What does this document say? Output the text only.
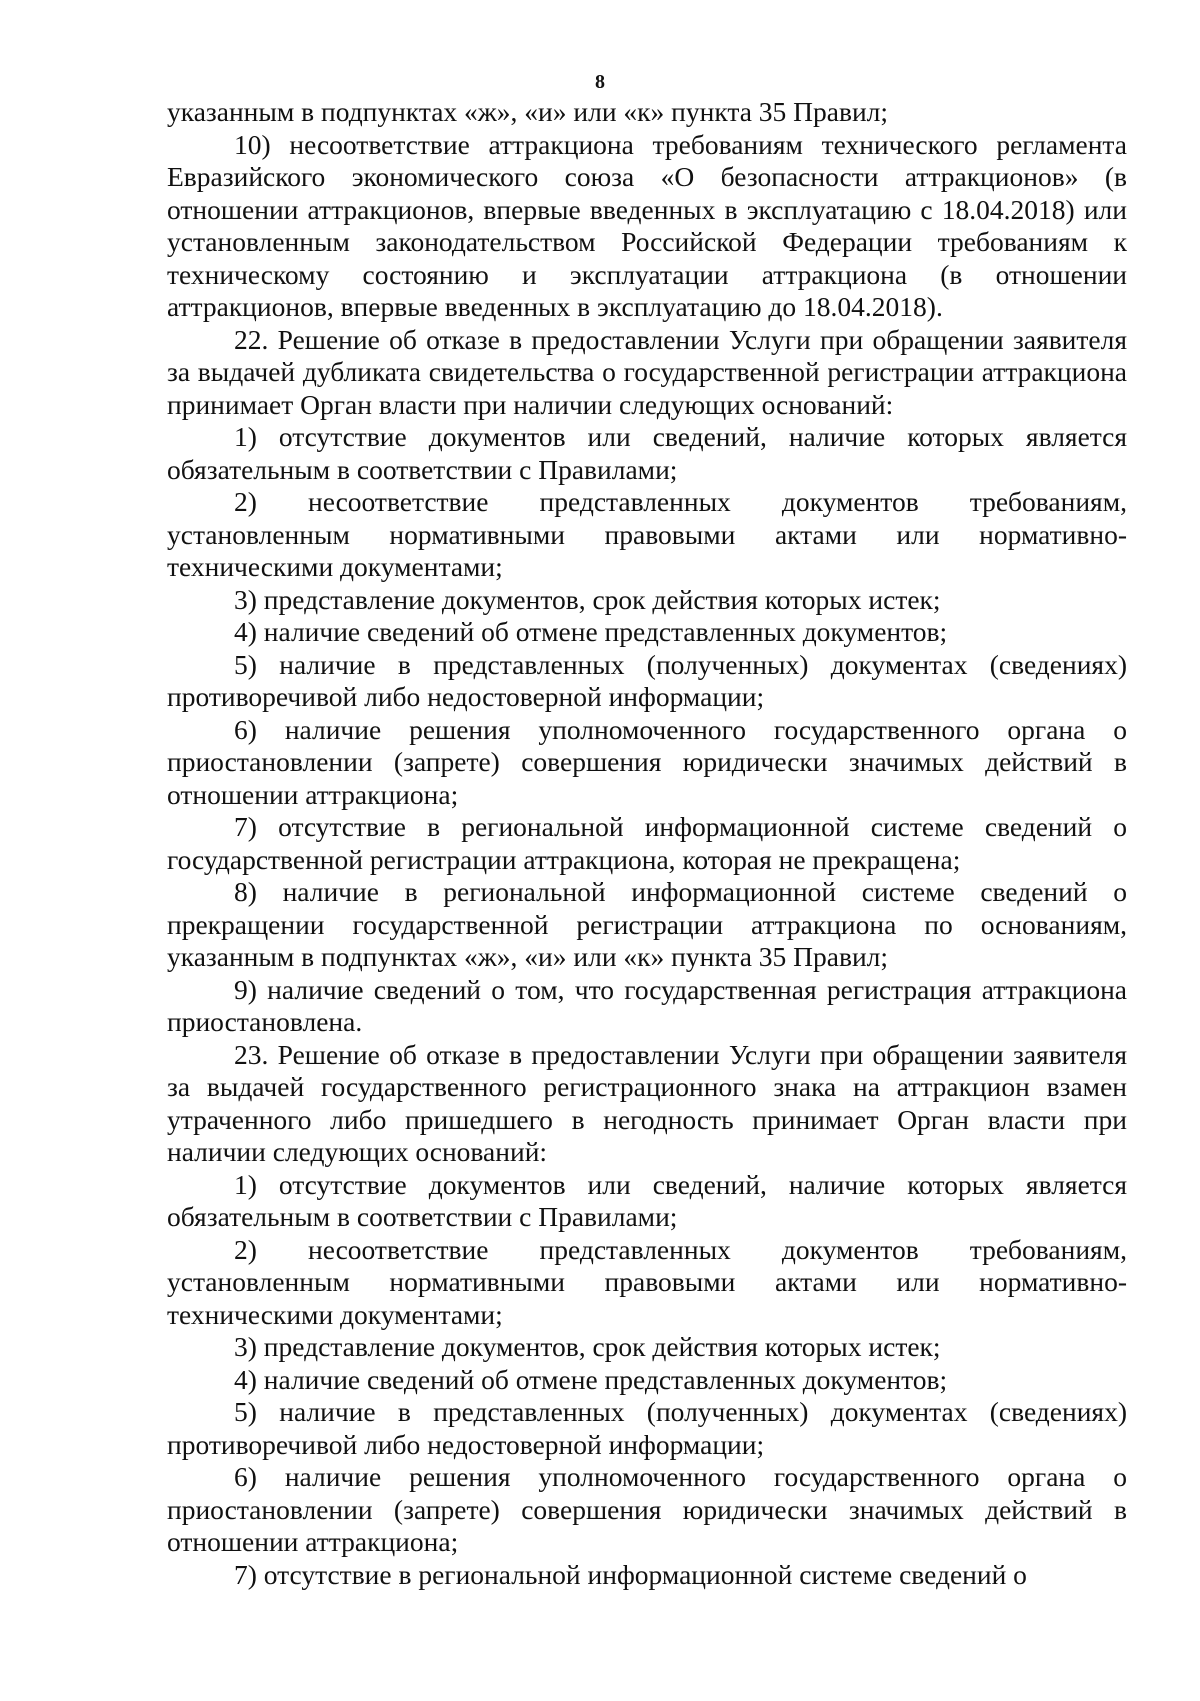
8

указанным в подпунктах «ж», «и» или «к» пункта 35 Правил;

10) несоответствие аттракциона требованиям технического регламента Евразийского экономического союза «О безопасности аттракционов» (в отношении аттракционов, впервые введенных в эксплуатацию с 18.04.2018) или установленным законодательством Российской Федерации требованиям к техническому состоянию и эксплуатации аттракциона (в отношении аттракционов, впервые введенных в эксплуатацию до 18.04.2018).

22. Решение об отказе в предоставлении Услуги при обращении заявителя за выдачей дубликата свидетельства о государственной регистрации аттракциона принимает Орган власти при наличии следующих оснований:

1) отсутствие документов или сведений, наличие которых является обязательным в соответствии с Правилами;

2) несоответствие представленных документов требованиям, установленным нормативными правовыми актами или нормативно-техническими документами;

3) представление документов, срок действия которых истек;

4) наличие сведений об отмене представленных документов;

5) наличие в представленных (полученных) документах (сведениях) противоречивой либо недостоверной информации;

6) наличие решения уполномоченного государственного органа о приостановлении (запрете) совершения юридически значимых действий в отношении аттракциона;

7) отсутствие в региональной информационной системе сведений о государственной регистрации аттракциона, которая не прекращена;

8) наличие в региональной информационной системе сведений о прекращении государственной регистрации аттракциона по основаниям, указанным в подпунктах «ж», «и» или «к» пункта 35 Правил;

9) наличие сведений о том, что государственная регистрация аттракциона приостановлена.

23. Решение об отказе в предоставлении Услуги при обращении заявителя за выдачей государственного регистрационного знака на аттракцион взамен утраченного либо пришедшего в негодность принимает Орган власти при наличии следующих оснований:

1) отсутствие документов или сведений, наличие которых является обязательным в соответствии с Правилами;

2) несоответствие представленных документов требованиям, установленным нормативными правовыми актами или нормативно-техническими документами;

3) представление документов, срок действия которых истек;

4) наличие сведений об отмене представленных документов;

5) наличие в представленных (полученных) документах (сведениях) противоречивой либо недостоверной информации;

6) наличие решения уполномоченного государственного органа о приостановлении (запрете) совершения юридически значимых действий в отношении аттракциона;

7) отсутствие в региональной информационной системе сведений о
